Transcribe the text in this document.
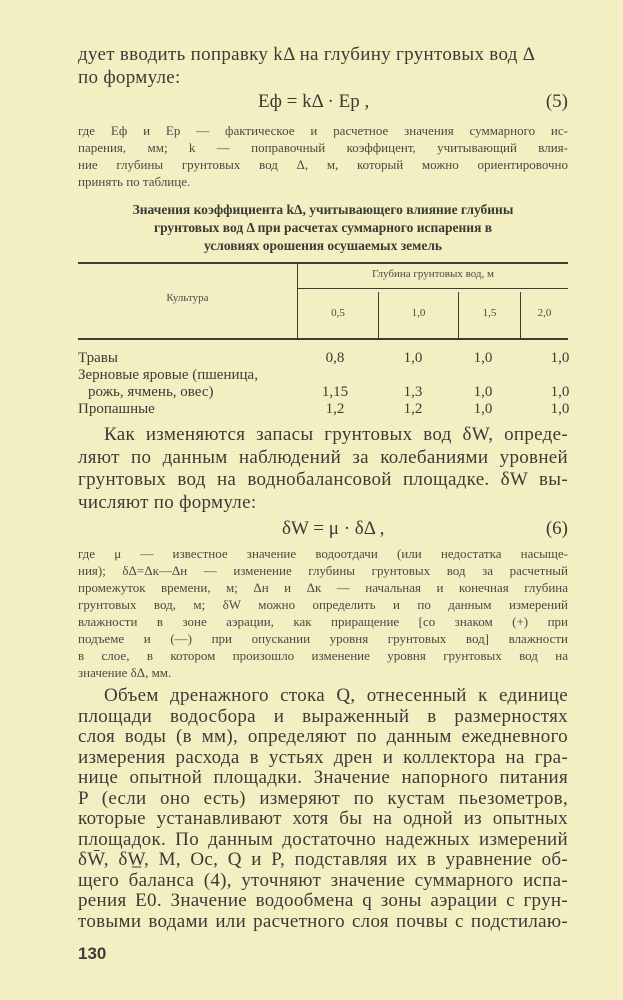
дует вводить поправку kΔ на глубину грунтовых вод Δ
по формуле:
Eф = kΔ · Eр ,	(5)
где Eф и Eр — фактическое и расчетное значения суммарного ис-
парения, мм; k — поправочный коэффицент, учитывающий влия-
ние глубины грунтовых вод Δ, м, который можно ориентировочно
принять по таблице.
Значения коэффициента kΔ, учитывающего влияние глубины
грунтовых вод Δ при расчетах суммарного испарения в
условиях орошения осушаемых земель
Культура
Глубина грунтовых вод, м
0,5	1,0	1,5	2,0
Травы	0,8	1,0	1,0	1,0
Зерновые яровые (пшеница,
рожь, ячмень, овес)	1,15	1,3	1,0	1,0
Пропашные	1,2	1,2	1,0	1,0
Как изменяются запасы грунтовых вод δW, опреде-
ляют по данным наблюдений за колебаниями уровней
грунтовых вод на воднобалансовой площадке. δW вы-
числяют по формуле:
δW = μ · δΔ ,	(6)
где μ — известное значение водоотдачи (или недостатка насыще-
ния); δΔ=Δк—Δн — изменение глубины грунтовых вод за расчетный
промежуток времени, м; Δн и Δк — начальная и конечная глубина
грунтовых вод, м; δW можно определить и по данным измерений
влажности в зоне аэрации, как приращение [со знаком (+) при
подъеме и (—) при опускании уровня грунтовых вод] влажности
в слое, в котором произошло изменение уровня грунтовых вод на
значение δΔ, мм.
Объем дренажного стока Q, отнесенный к единице
площади водосбора и выраженный в размерностях
слоя воды (в мм), определяют по данным ежедневного
измерения расхода в устьях дрен и коллектора на гра-
нице опытной площадки. Значение напорного питания
P (если оно есть) измеряют по кустам пьезометров,
которые устанавливают хотя бы на одной из опытных
площадок. По данным достаточно надежных измерений
δW̄, δW̲, M, Oc, Q и P, подставляя их в уравнение об-
щего баланса (4), уточняют значение суммарного испа-
рения E0. Значение водообмена q зоны аэрации с грун-
товыми водами или расчетного слоя почвы с подстилаю-
130
